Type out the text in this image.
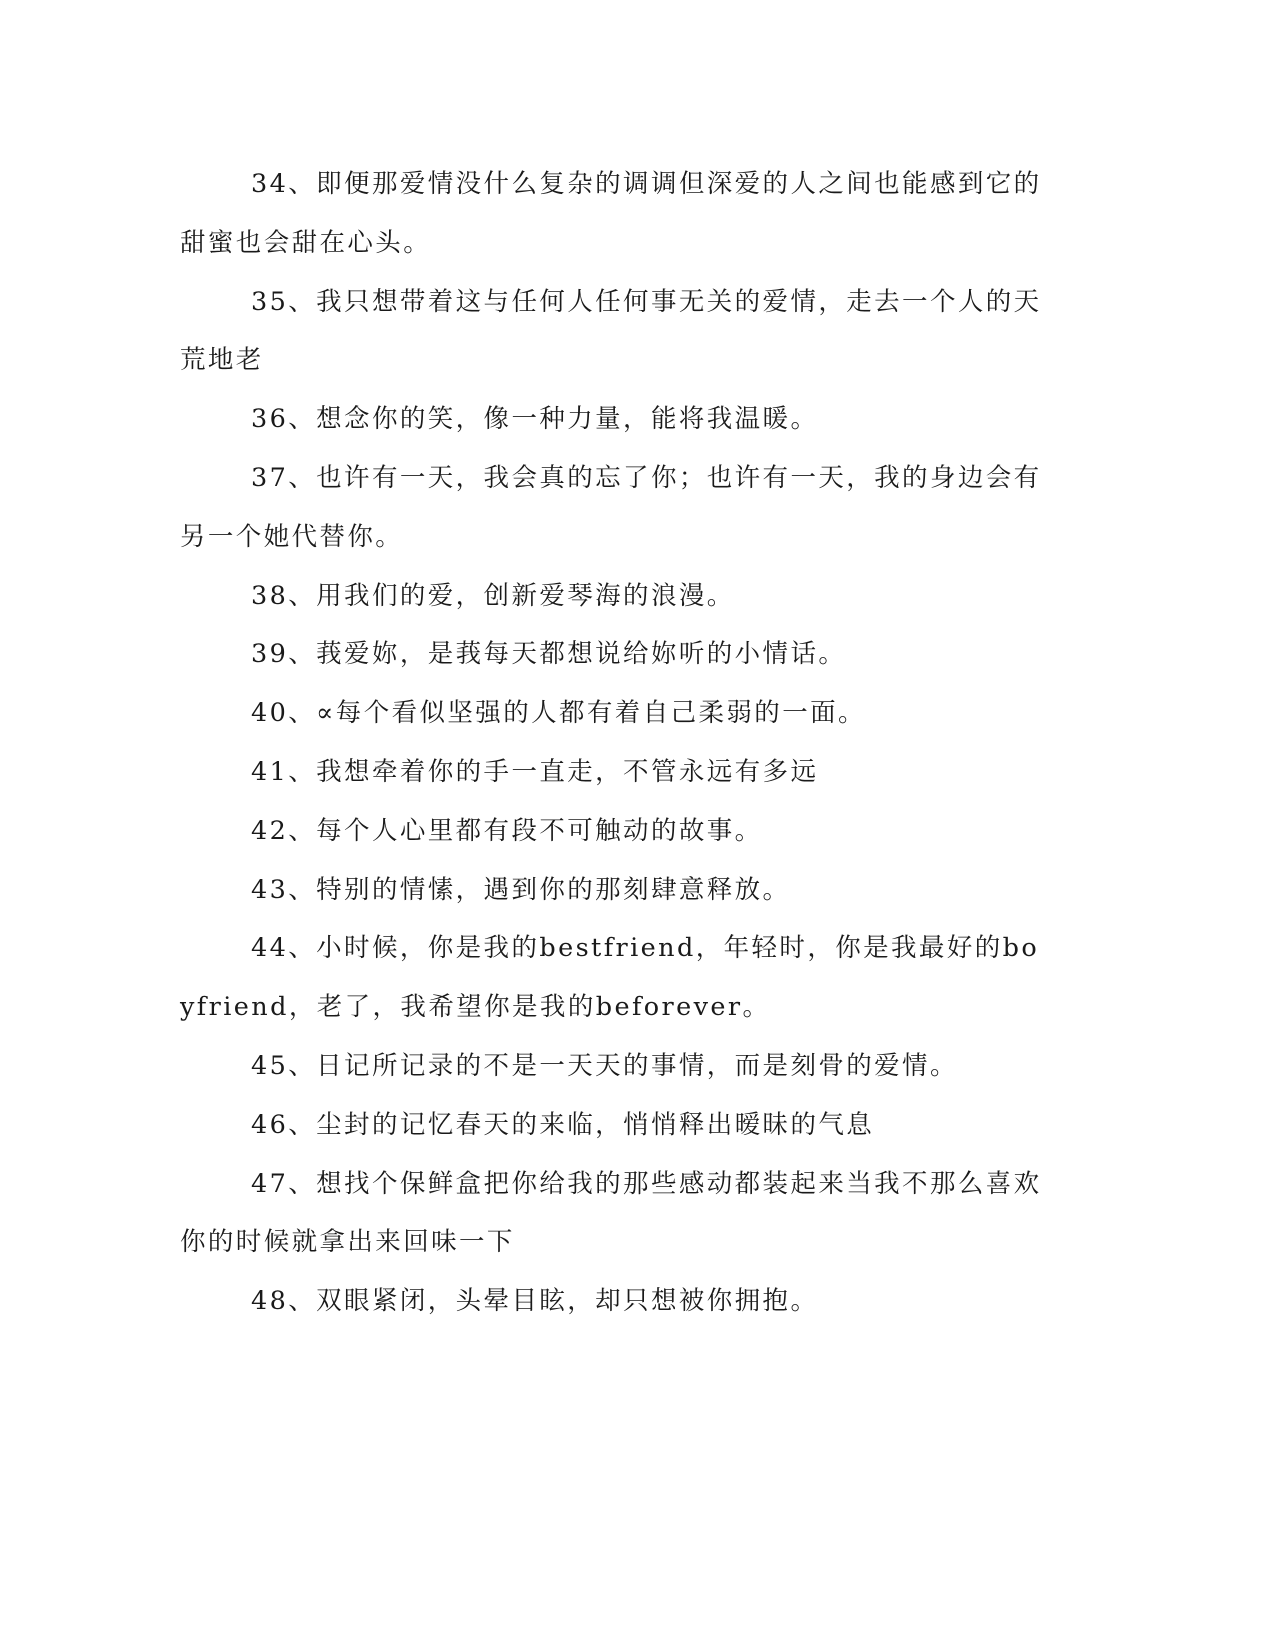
34、即便那爱情没什么复杂的调调但深爱的人之间也能感到它的甜蜜也会甜在心头。

35、我只想带着这与任何人任何事无关的爱情，走去一个人的天荒地老

36、想念你的笑，像一种力量，能将我温暖。

37、也许有一天，我会真的忘了你；也许有一天，我的身边会有另一个她代替你。

38、用我们的爱，创新爱琴海的浪漫。

39、莪爱妳，是莪每天都想说给妳听的小情话。

40、∝每个看似坚强的人都有着自己柔弱的一面。

41、我想牵着你的手一直走，不管永远有多远

42、每个人心里都有段不可触动的故事。

43、特别的情愫，遇到你的那刻肆意释放。

44、小时候，你是我的bestfriend，年轻时，你是我最好的boyfriend，老了，我希望你是我的beforever。

45、日记所记录的不是一天天的事情，而是刻骨的爱情。

46、尘封的记忆春天的来临，悄悄释出暧昧的气息

47、想找个保鲜盒把你给我的那些感动都装起来当我不那么喜欢你的时候就拿出来回味一下

48、双眼紧闭，头晕目眩，却只想被你拥抱。
